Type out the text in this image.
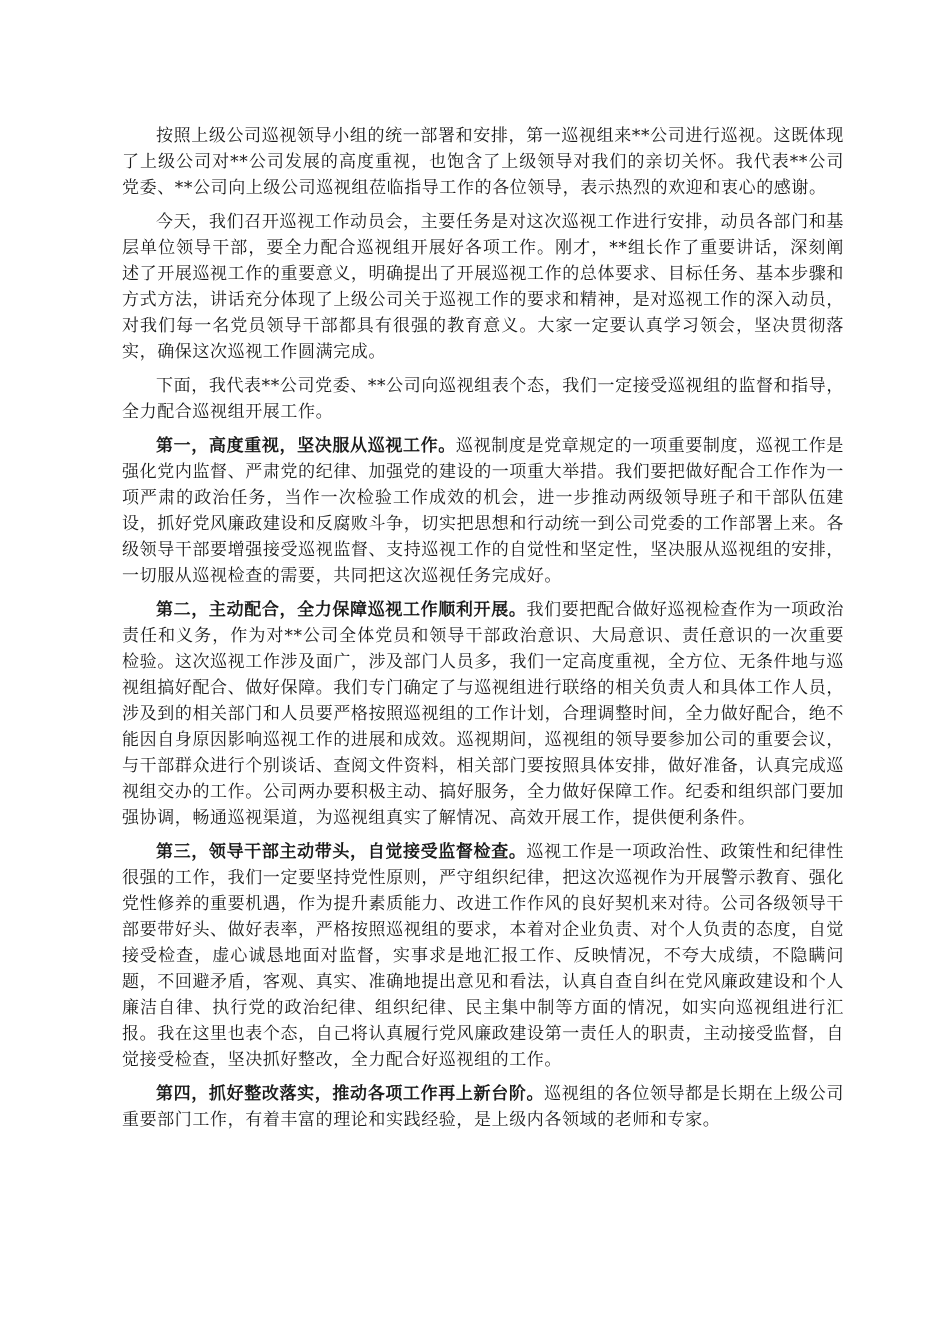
按照上级公司巡视领导小组的统一部署和安排，第一巡视组来**公司进行巡视。这既体现了上级公司对**公司发展的高度重视，也饱含了上级领导对我们的亲切关怀。我代表**公司党委、**公司向上级公司巡视组莅临指导工作的各位领导，表示热烈的欢迎和衷心的感谢。

今天，我们召开巡视工作动员会，主要任务是对这次巡视工作进行安排，动员各部门和基层单位领导干部，要全力配合巡视组开展好各项工作。刚才，**组长作了重要讲话，深刻阐述了开展巡视工作的重要意义，明确提出了开展巡视工作的总体要求、目标任务、基本步骤和方式方法，讲话充分体现了上级公司关于巡视工作的要求和精神，是对巡视工作的深入动员，对我们每一名党员领导干部都具有很强的教育意义。大家一定要认真学习领会，坚决贯彻落实，确保这次巡视工作圆满完成。

下面，我代表**公司党委、**公司向巡视组表个态，我们一定接受巡视组的监督和指导，全力配合巡视组开展工作。

第一，高度重视，坚决服从巡视工作。巡视制度是党章规定的一项重要制度，巡视工作是强化党内监督、严肃党的纪律、加强党的建设的一项重大举措。我们要把做好配合工作作为一项严肃的政治任务，当作一次检验工作成效的机会，进一步推动两级领导班子和干部队伍建设，抓好党风廉政建设和反腐败斗争，切实把思想和行动统一到公司党委的工作部署上来。各级领导干部要增强接受巡视监督、支持巡视工作的自觉性和坚定性，坚决服从巡视组的安排，一切服从巡视检查的需要，共同把这次巡视任务完成好。

第二，主动配合，全力保障巡视工作顺利开展。我们要把配合做好巡视检查作为一项政治责任和义务，作为对**公司全体党员和领导干部政治意识、大局意识、责任意识的一次重要检验。这次巡视工作涉及面广，涉及部门人员多，我们一定高度重视，全方位、无条件地与巡视组搞好配合、做好保障。我们专门确定了与巡视组进行联络的相关负责人和具体工作人员，涉及到的相关部门和人员要严格按照巡视组的工作计划，合理调整时间，全力做好配合，绝不能因自身原因影响巡视工作的进展和成效。巡视期间，巡视组的领导要参加公司的重要会议，与干部群众进行个别谈话、查阅文件资料，相关部门要按照具体安排，做好准备，认真完成巡视组交办的工作。公司两办要积极主动、搞好服务，全力做好保障工作。纪委和组织部门要加强协调，畅通巡视渠道，为巡视组真实了解情况、高效开展工作，提供便利条件。

第三，领导干部主动带头，自觉接受监督检查。巡视工作是一项政治性、政策性和纪律性很强的工作，我们一定要坚持党性原则，严守组织纪律，把这次巡视作为开展警示教育、强化党性修养的重要机遇，作为提升素质能力、改进工作作风的良好契机来对待。公司各级领导干部要带好头、做好表率，严格按照巡视组的要求，本着对企业负责、对个人负责的态度，自觉接受检查，虚心诚恳地面对监督，实事求是地汇报工作、反映情况，不夸大成绩，不隐瞒问题，不回避矛盾，客观、真实、准确地提出意见和看法，认真自查自纠在党风廉政建设和个人廉洁自律、执行党的政治纪律、组织纪律、民主集中制等方面的情况，如实向巡视组进行汇报。我在这里也表个态，自己将认真履行党风廉政建设第一责任人的职责，主动接受监督，自觉接受检查，坚决抓好整改，全力配合好巡视组的工作。

第四，抓好整改落实，推动各项工作再上新台阶。巡视组的各位领导都是长期在上级公司重要部门工作，有着丰富的理论和实践经验，是上级内各领域的老师和专家。
